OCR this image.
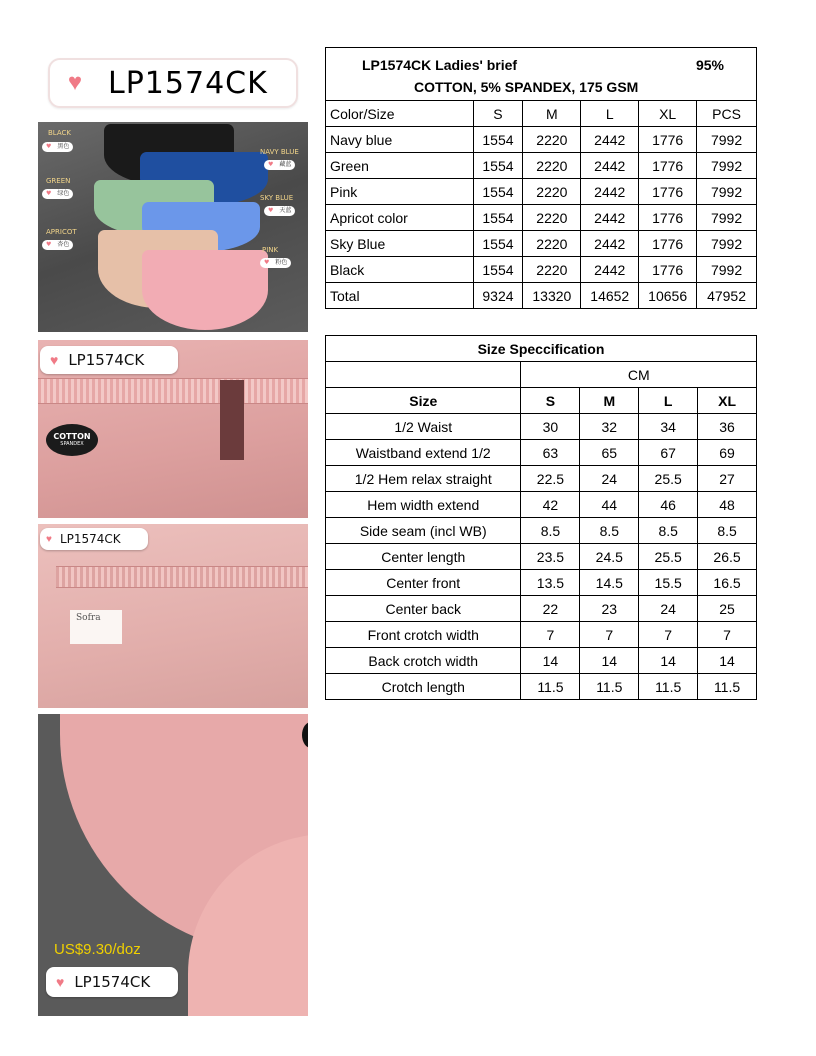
♥ LP1574CK
BLACK
♥ 黑色
NAVY BLUE
♥ 藏蓝
GREEN
♥ 绿色
SKY BLUE
♥ 天蓝
APRICOT
♥ 杏色
PINK
♥ 粉色
COTTON
SPANDEX
♥ LP1574CK
Sofra
♥ LP1574CK
US$9.30/doz
♥ LP1574CK
LP1574CK Ladies' brief 95%
COTTON, 5% SPANDEX, 175 GSM					

Color/Size	S	M	L	XL	PCS
Navy blue	1554	2220	2442	1776	7992
Green	1554	2220	2442	1776	7992
Pink	1554	2220	2442	1776	7992
Apricot color	1554	2220	2442	1776	7992
Sky Blue	1554	2220	2442	1776	7992
Black	1554	2220	2442	1776	7992
Total	9324	13320	14652	10656	47952
Size Speccification				
	CM			
Size	S	M	L	XL
1/2 Waist	30	32	34	36
Waistband extend 1/2	63	65	67	69
1/2 Hem relax straight	22.5	24	25.5	27
Hem width extend	42	44	46	48
Side seam (incl WB)	8.5	8.5	8.5	8.5
Center length	23.5	24.5	25.5	26.5
Center front	13.5	14.5	15.5	16.5
Center back	22	23	24	25
Front crotch width	7	7	7	7
Back crotch width	14	14	14	14
Crotch length	11.5	11.5	11.5	11.5
